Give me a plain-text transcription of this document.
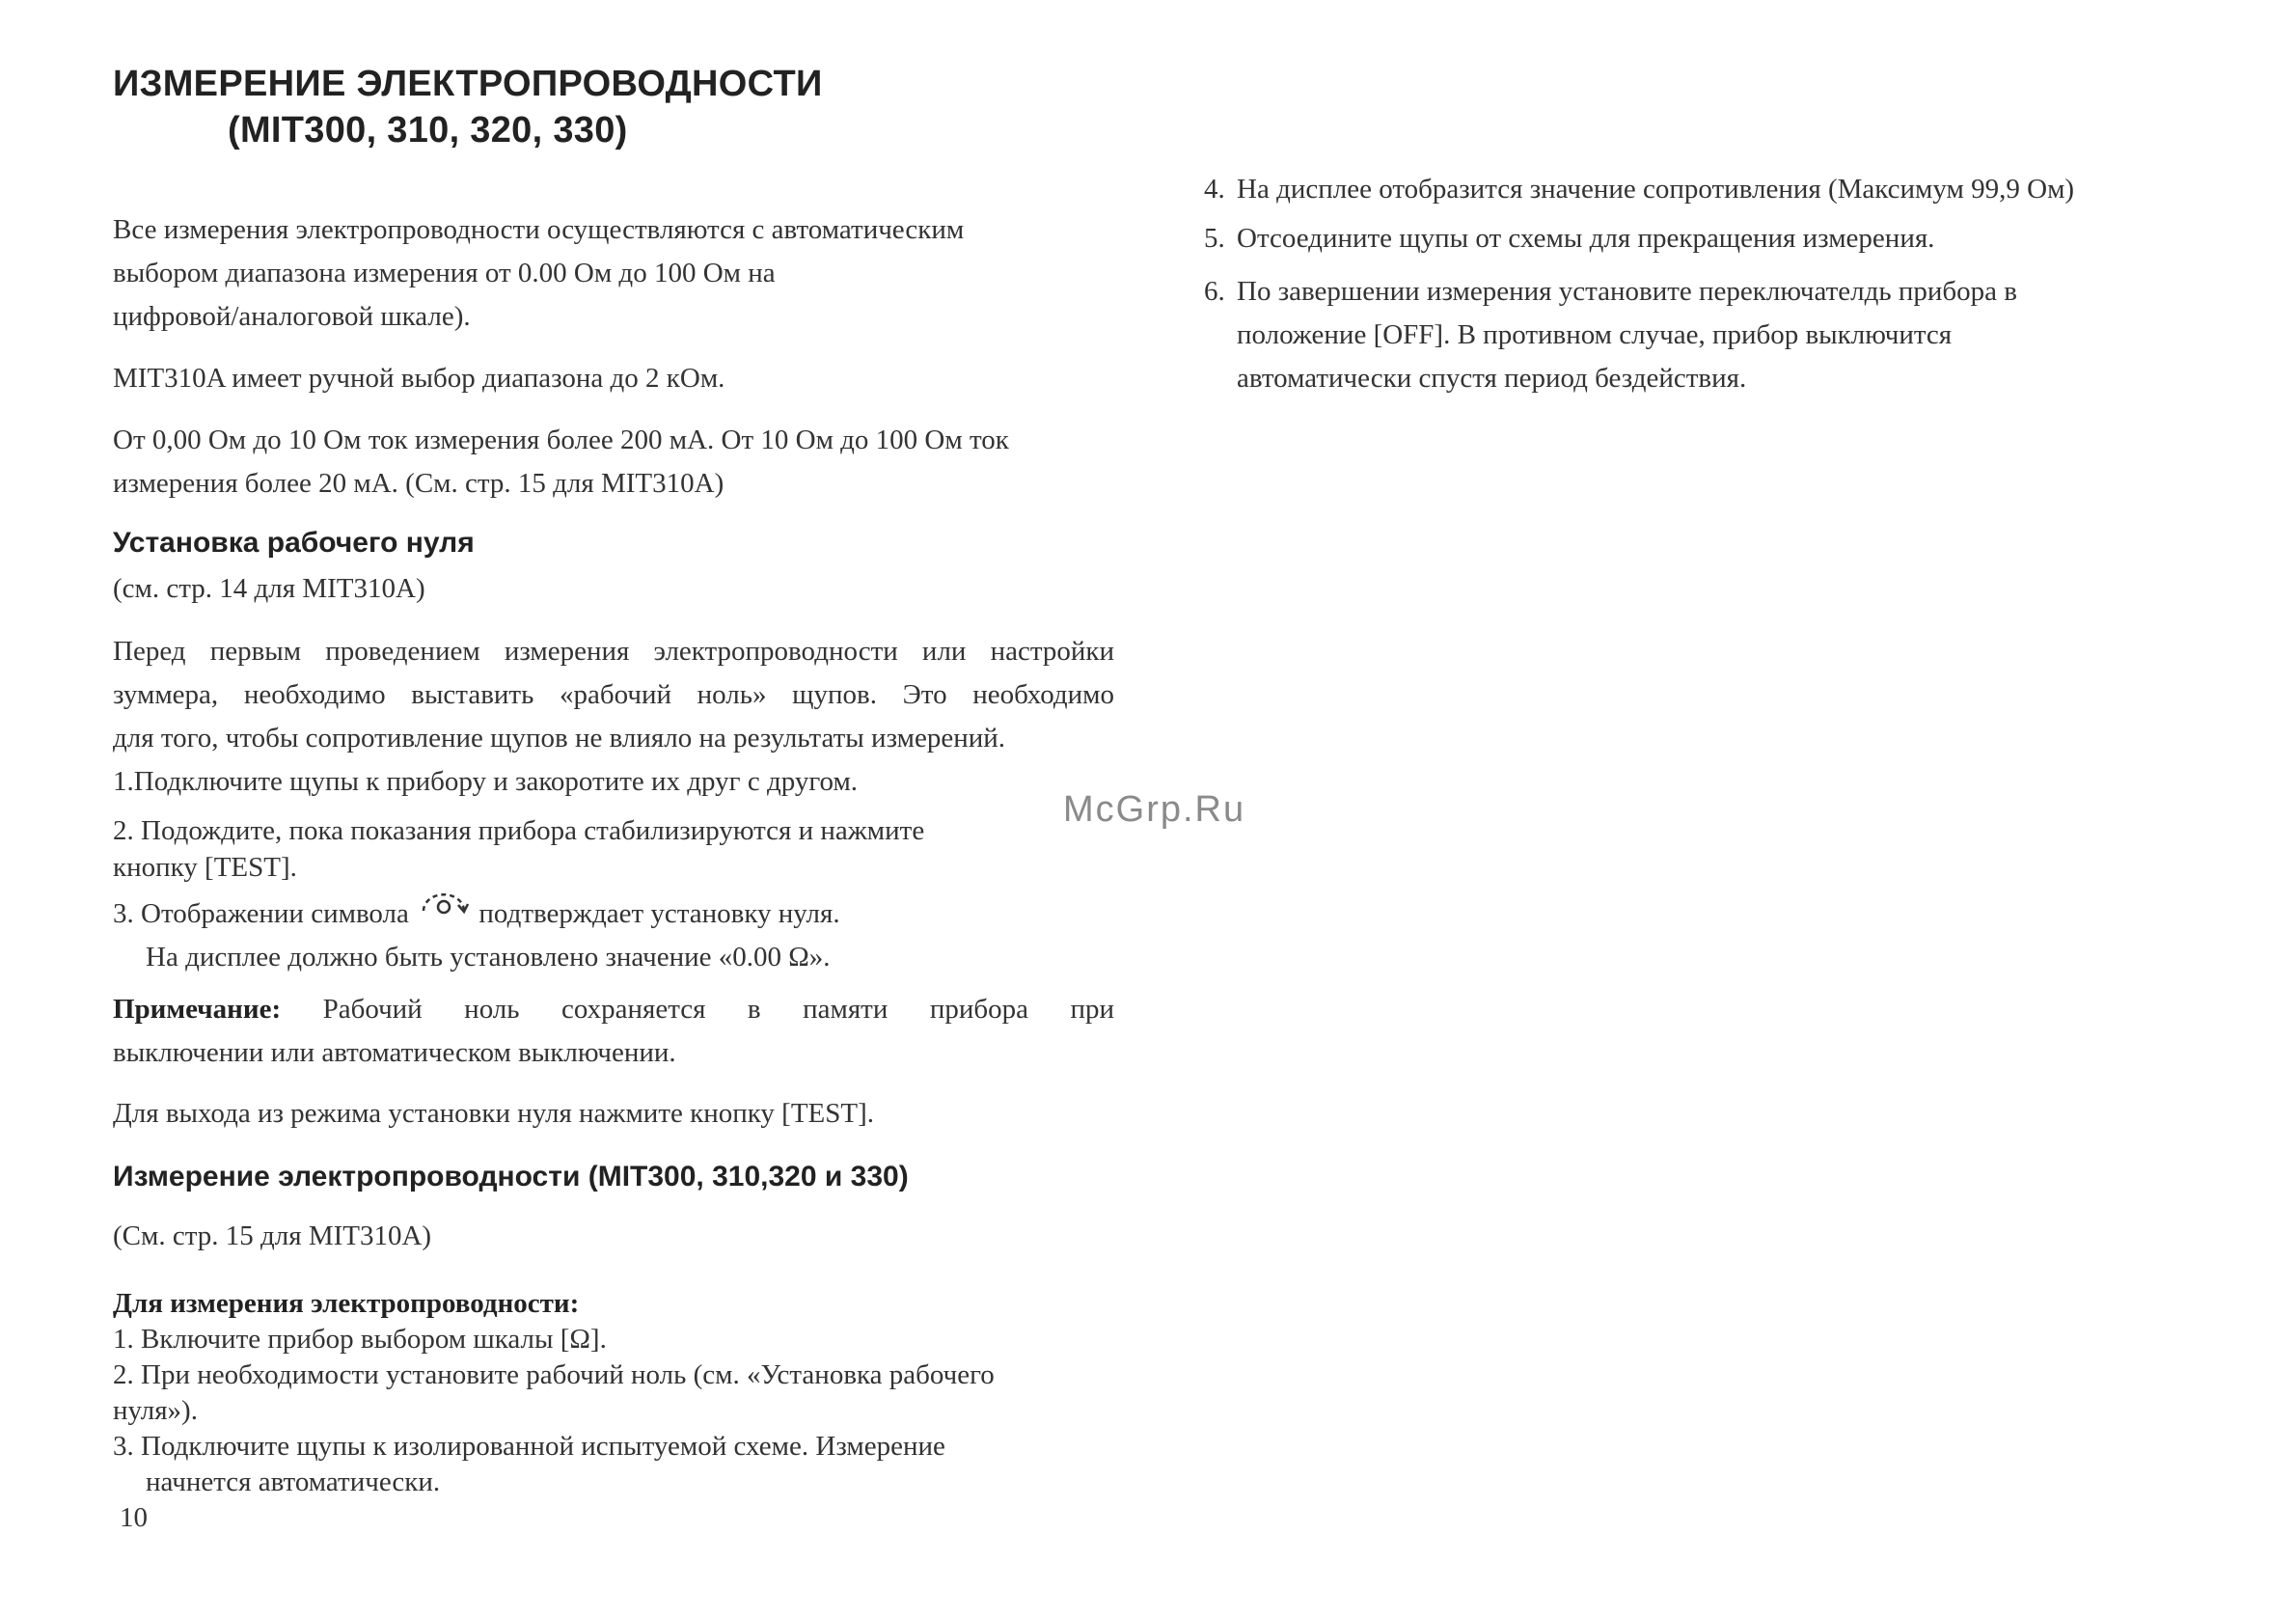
ИЗМЕРЕНИЕ ЭЛЕКТРОПРОВОДНОСТИ
(MIT300, 310, 320, 330)

Все измерения электропроводности осуществляются с автоматическим

выбором диапазона измерения от 0.00 Ом до 100 Ом на

цифровой/аналоговой шкале).

MIT310A имеет ручной выбор диапазона до 2 кОм.

От 0,00 Ом до 10 Ом ток измерения более 200 мА. От 10 Ом до 100 Ом ток

измерения более 20 мА. (См. стр. 15 для MIT310A)

Установка рабочего нуля

(см. стр. 14 для MIT310A)

Перед первым проведением измерения электропроводности или настройки

зуммера, необходимо выставить «рабочий ноль» щупов. Это необходимо

для того, чтобы сопротивление щупов не влияло на результаты измерений.

1.Подключите щупы к прибору и закоротите их друг с другом.

2. Подождите, пока показания прибора стабилизируются и нажмите

кнопку [TEST].

3. Отображении символа	подтверждает установку нуля.

На дисплее должно быть установлено значение «0.00 Ω».

Примечание: Рабочий ноль сохраняется в памяти прибора при

выключении или автоматическом выключении.

Для выхода из режима установки нуля нажмите кнопку [TEST].

Измерение электропроводности (MIT300, 310,320 и 330)

(См. стр. 15 для MIT310A)

Для измерения электропроводности:

1. Включите прибор выбором шкалы [Ω].

2. При необходимости установите рабочий ноль (см. «Установка рабочего

нуля»).

3. Подключите щупы к изолированной испытуемой схеме. Измерение

начнется автоматически.

4. На дисплее отобразится значение сопротивления (Максимум 99,9 Ом)
5. Отсоедините щупы от схемы для прекращения измерения.
6. По завершении измерения установите переключателдь прибора в
положение [OFF]. В противном случае, прибор выключится
автоматически спустя период бездействия.
McGrp.Ru
10
